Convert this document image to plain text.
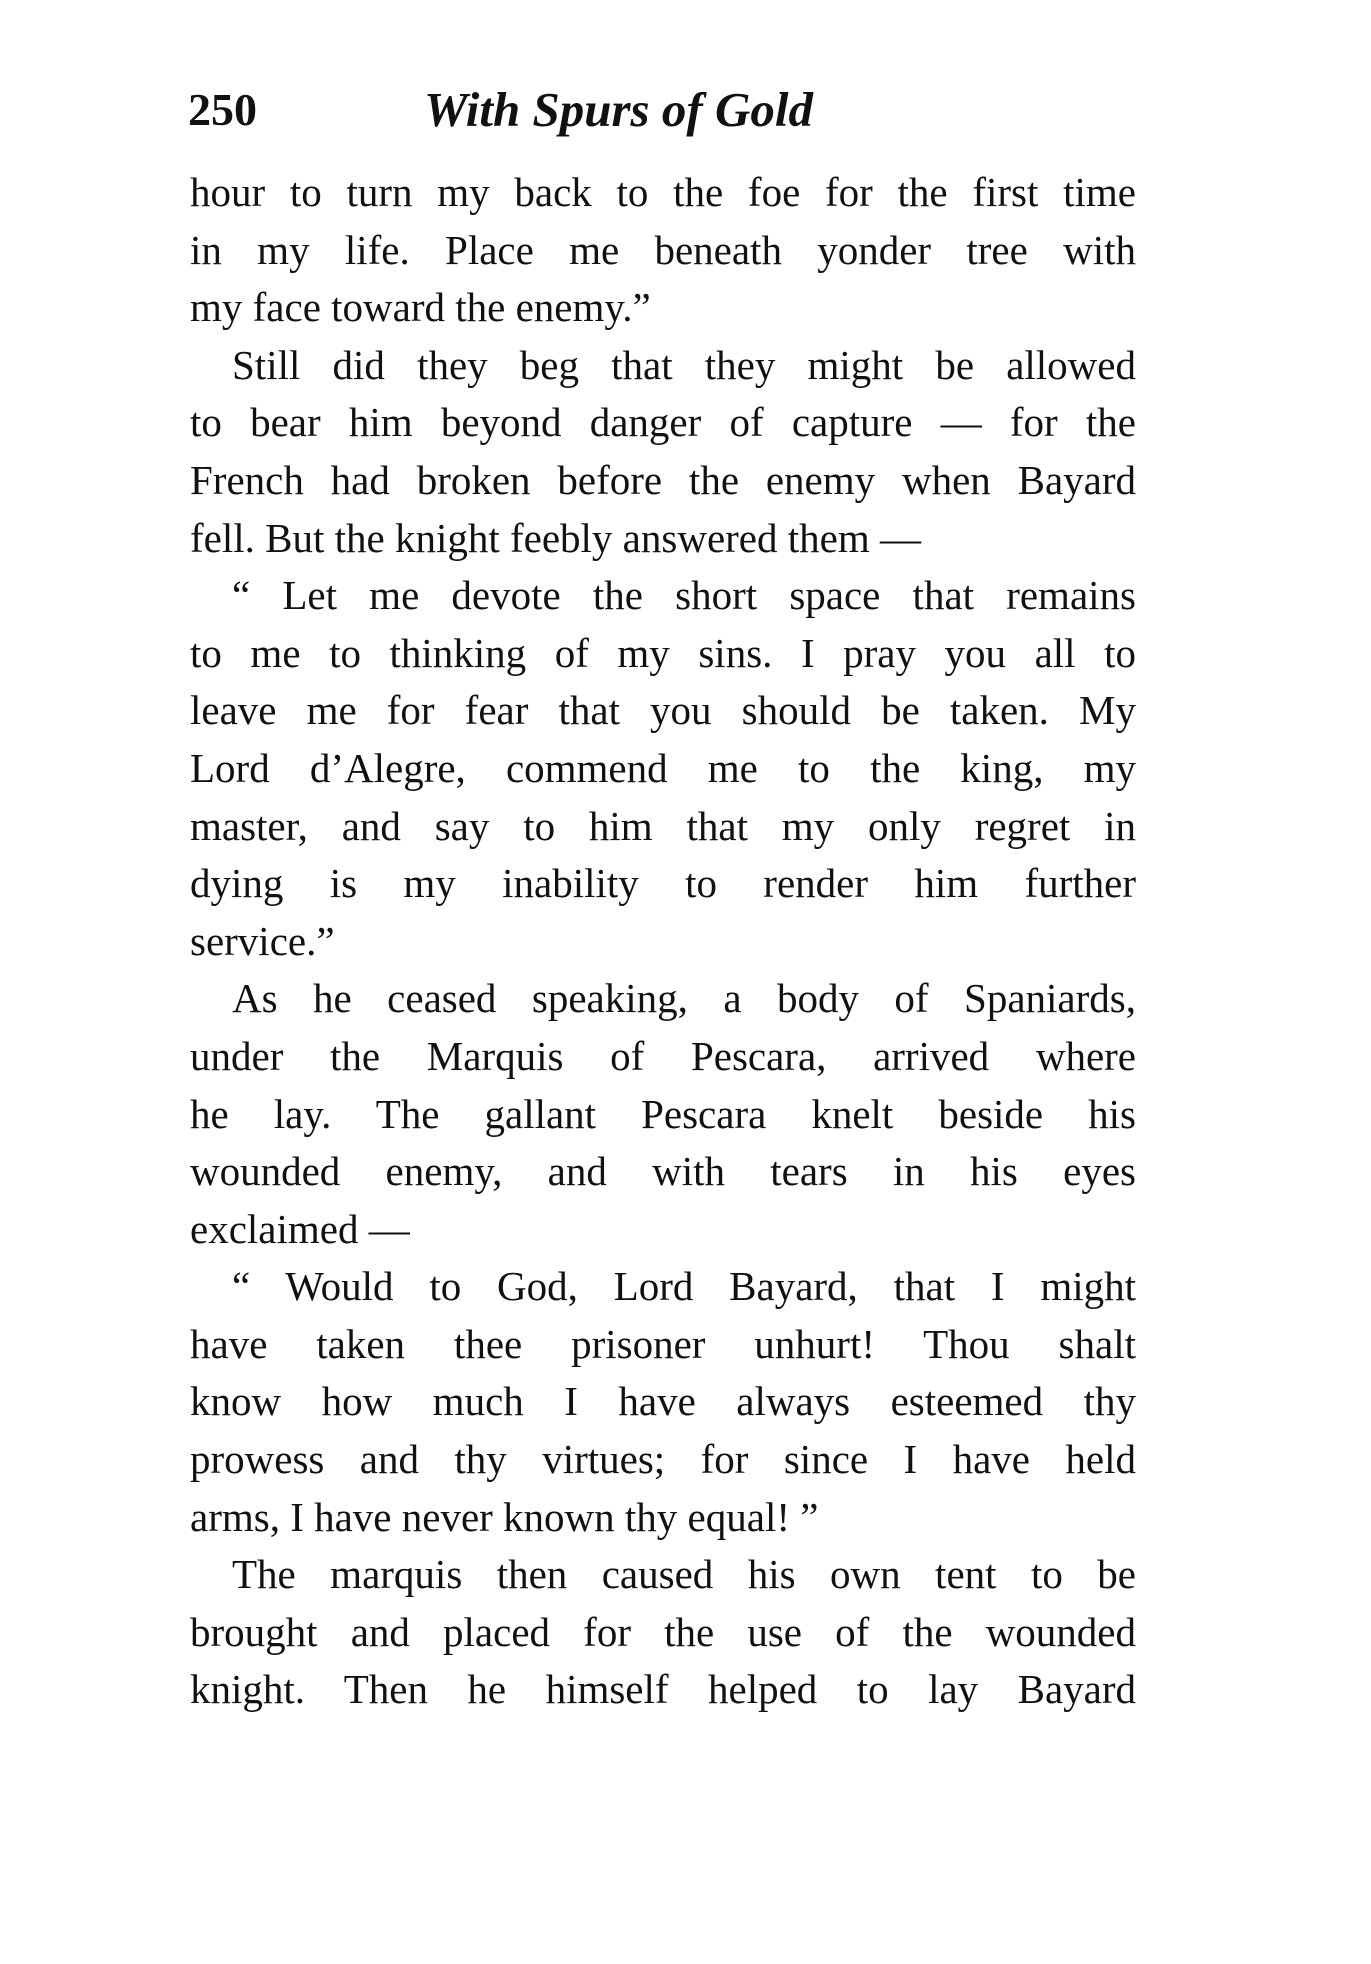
250	With Spurs of Gold
hour to turn my back to the foe for the first time
in my life. Place me beneath yonder tree with
my face toward the enemy.”
Still did they beg that they might be allowed
to bear him beyond danger of capture — for the
French had broken before the enemy when Bayard
fell. But the knight feebly answered them —
“ Let me devote the short space that remains
to me to thinking of my sins. I pray you all to
leave me for fear that you should be taken. My
Lord d’Alegre, commend me to the king, my
master, and say to him that my only regret in
dying is my inability to render him further
service.”
As he ceased speaking, a body of Spaniards,
under the Marquis of Pescara, arrived where
he lay. The gallant Pescara knelt beside his
wounded enemy, and with tears in his eyes
exclaimed —
“ Would to God, Lord Bayard, that I might
have taken thee prisoner unhurt! Thou shalt
know how much I have always esteemed thy
prowess and thy virtues; for since I have held
arms, I have never known thy equal! ”
The marquis then caused his own tent to be
brought and placed for the use of the wounded
knight. Then he himself helped to lay Bayard
